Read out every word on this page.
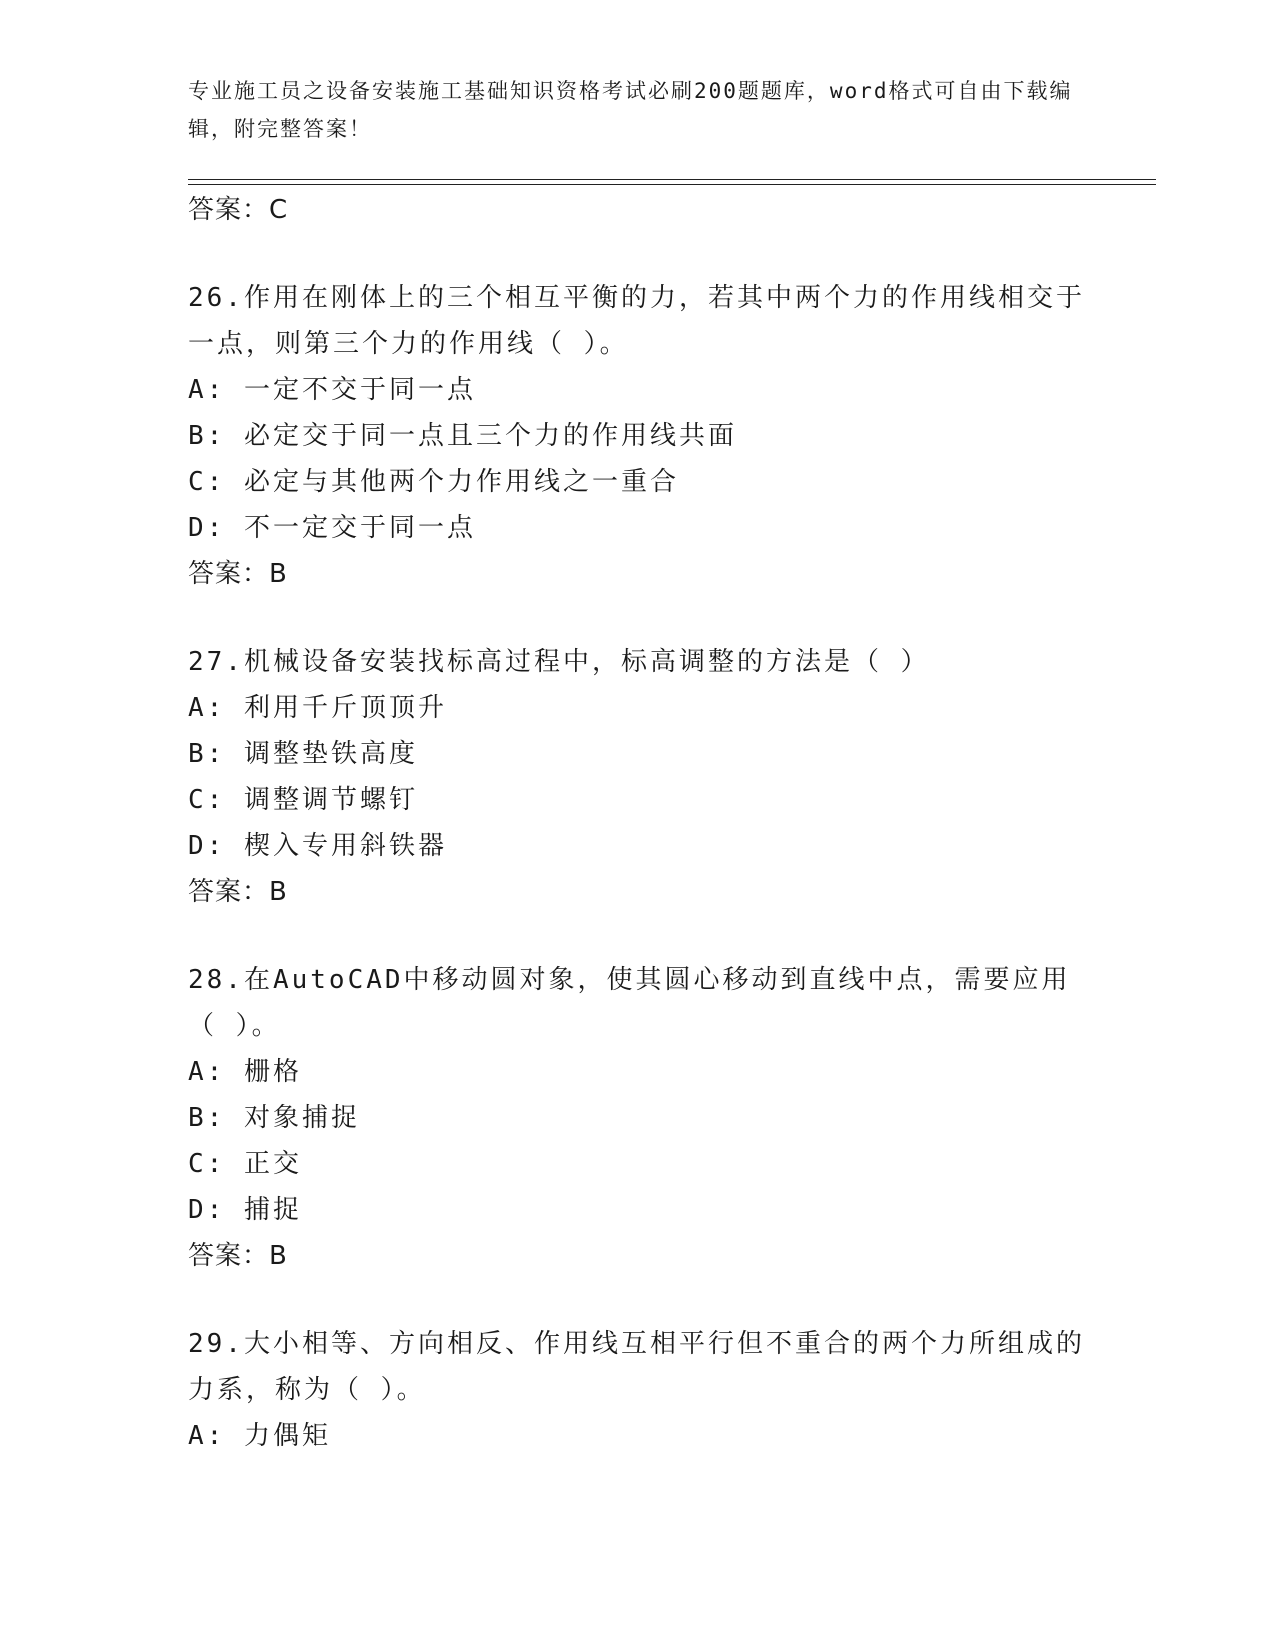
专业施工员之设备安装施工基础知识资格考试必刷200题题库，word格式可自由下载编辑，附完整答案！
答案：C
26.作用在刚体上的三个相互平衡的力，若其中两个力的作用线相交于一点，则第三个力的作用线（ ）。
A: 一定不交于同一点
B: 必定交于同一点且三个力的作用线共面
C: 必定与其他两个力作用线之一重合
D: 不一定交于同一点
答案：B
27.机械设备安装找标高过程中，标高调整的方法是（ ）
A: 利用千斤顶顶升
B: 调整垫铁高度
C: 调整调节螺钉
D: 楔入专用斜铁器
答案：B
28.在AutoCAD中移动圆对象，使其圆心移动到直线中点，需要应用（ ）。
A: 栅格
B: 对象捕捉
C: 正交
D: 捕捉
答案：B
29.大小相等、方向相反、作用线互相平行但不重合的两个力所组成的力系，称为（ ）。
A: 力偶矩
